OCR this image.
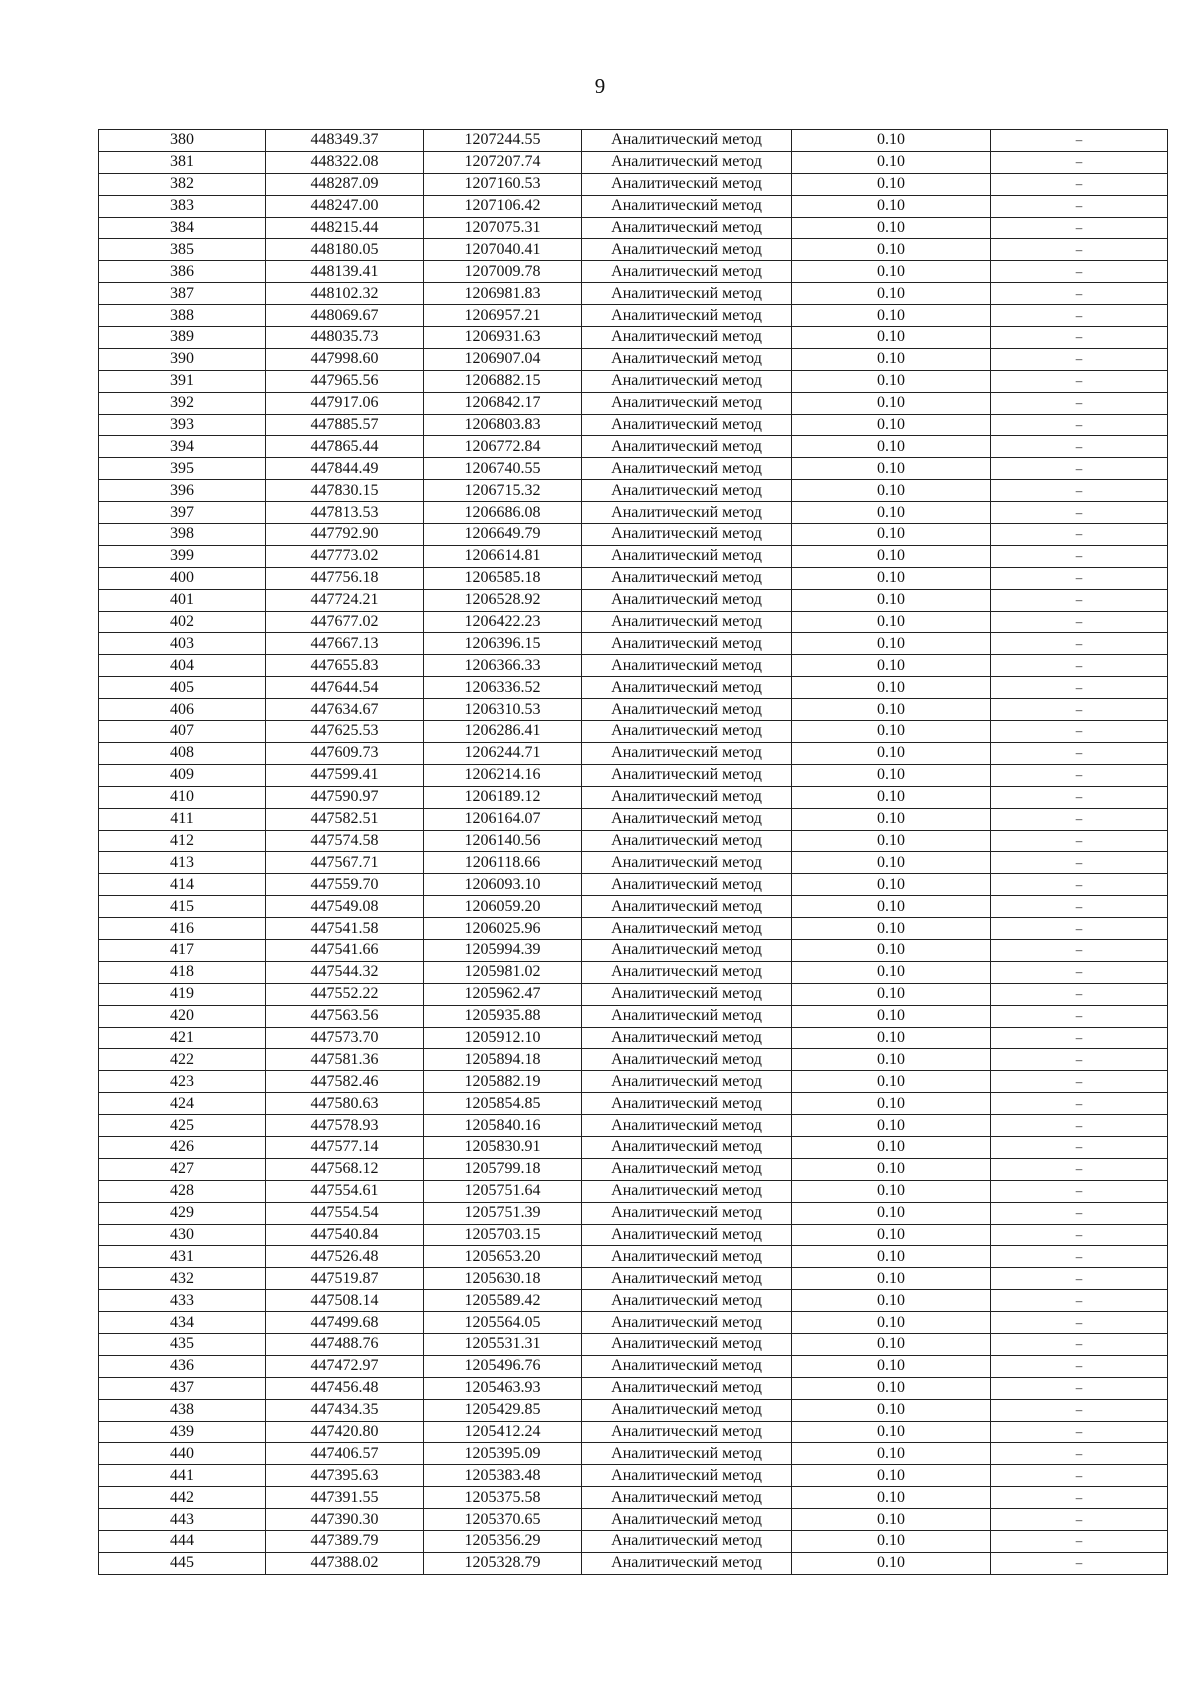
9
380	448349.37	1207244.55	Аналитический метод	0.10	–
381	448322.08	1207207.74	Аналитический метод	0.10	–
382	448287.09	1207160.53	Аналитический метод	0.10	–
383	448247.00	1207106.42	Аналитический метод	0.10	–
384	448215.44	1207075.31	Аналитический метод	0.10	–
385	448180.05	1207040.41	Аналитический метод	0.10	–
386	448139.41	1207009.78	Аналитический метод	0.10	–
387	448102.32	1206981.83	Аналитический метод	0.10	–
388	448069.67	1206957.21	Аналитический метод	0.10	–
389	448035.73	1206931.63	Аналитический метод	0.10	–
390	447998.60	1206907.04	Аналитический метод	0.10	–
391	447965.56	1206882.15	Аналитический метод	0.10	–
392	447917.06	1206842.17	Аналитический метод	0.10	–
393	447885.57	1206803.83	Аналитический метод	0.10	–
394	447865.44	1206772.84	Аналитический метод	0.10	–
395	447844.49	1206740.55	Аналитический метод	0.10	–
396	447830.15	1206715.32	Аналитический метод	0.10	–
397	447813.53	1206686.08	Аналитический метод	0.10	–
398	447792.90	1206649.79	Аналитический метод	0.10	–
399	447773.02	1206614.81	Аналитический метод	0.10	–
400	447756.18	1206585.18	Аналитический метод	0.10	–
401	447724.21	1206528.92	Аналитический метод	0.10	–
402	447677.02	1206422.23	Аналитический метод	0.10	–
403	447667.13	1206396.15	Аналитический метод	0.10	–
404	447655.83	1206366.33	Аналитический метод	0.10	–
405	447644.54	1206336.52	Аналитический метод	0.10	–
406	447634.67	1206310.53	Аналитический метод	0.10	–
407	447625.53	1206286.41	Аналитический метод	0.10	–
408	447609.73	1206244.71	Аналитический метод	0.10	–
409	447599.41	1206214.16	Аналитический метод	0.10	–
410	447590.97	1206189.12	Аналитический метод	0.10	–
411	447582.51	1206164.07	Аналитический метод	0.10	–
412	447574.58	1206140.56	Аналитический метод	0.10	–
413	447567.71	1206118.66	Аналитический метод	0.10	–
414	447559.70	1206093.10	Аналитический метод	0.10	–
415	447549.08	1206059.20	Аналитический метод	0.10	–
416	447541.58	1206025.96	Аналитический метод	0.10	–
417	447541.66	1205994.39	Аналитический метод	0.10	–
418	447544.32	1205981.02	Аналитический метод	0.10	–
419	447552.22	1205962.47	Аналитический метод	0.10	–
420	447563.56	1205935.88	Аналитический метод	0.10	–
421	447573.70	1205912.10	Аналитический метод	0.10	–
422	447581.36	1205894.18	Аналитический метод	0.10	–
423	447582.46	1205882.19	Аналитический метод	0.10	–
424	447580.63	1205854.85	Аналитический метод	0.10	–
425	447578.93	1205840.16	Аналитический метод	0.10	–
426	447577.14	1205830.91	Аналитический метод	0.10	–
427	447568.12	1205799.18	Аналитический метод	0.10	–
428	447554.61	1205751.64	Аналитический метод	0.10	–
429	447554.54	1205751.39	Аналитический метод	0.10	–
430	447540.84	1205703.15	Аналитический метод	0.10	–
431	447526.48	1205653.20	Аналитический метод	0.10	–
432	447519.87	1205630.18	Аналитический метод	0.10	–
433	447508.14	1205589.42	Аналитический метод	0.10	–
434	447499.68	1205564.05	Аналитический метод	0.10	–
435	447488.76	1205531.31	Аналитический метод	0.10	–
436	447472.97	1205496.76	Аналитический метод	0.10	–
437	447456.48	1205463.93	Аналитический метод	0.10	–
438	447434.35	1205429.85	Аналитический метод	0.10	–
439	447420.80	1205412.24	Аналитический метод	0.10	–
440	447406.57	1205395.09	Аналитический метод	0.10	–
441	447395.63	1205383.48	Аналитический метод	0.10	–
442	447391.55	1205375.58	Аналитический метод	0.10	–
443	447390.30	1205370.65	Аналитический метод	0.10	–
444	447389.79	1205356.29	Аналитический метод	0.10	–
445	447388.02	1205328.79	Аналитический метод	0.10	–
